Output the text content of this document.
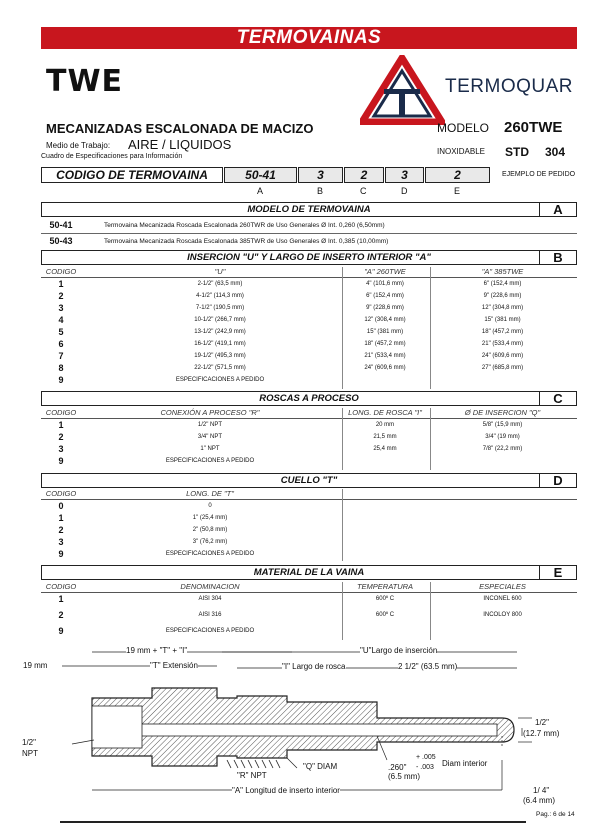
TERMOVAINAS
TWE	TERMOQUAR
MECANIZADAS ESCALONADA DE MACIZO	MODELO 260TWE
Medio de Trabajo: AIRE / LIQUIDOS	INOXIDABLE STD 304
Cuadro de Especificaciones para Información
CODIGO DE TERMOVAINA	50-41	3	2	3	2	EJEMPLO DE PEDIDO
A	B	C	D	E
MODELO DE TERMOVAINA	A
50-41	Termovaina Mecanizada Roscada Escalonada 260TWR de Uso Generales Ø Int. 0,260 (6,50mm)
50-43	Termovaina Mecanizada Roscada Escalonada 385TWR de Uso Generales Ø Int. 0,385 (10,00mm)
INSERCION "U" Y LARGO DE INSERTO INTERIOR "A"	B
CODIGO	"U"	"A" 260TWE	"A" 385TWE
1	2-1/2" (63,5 mm)	4" (101,6 mm)	6" (152,4 mm)
2	4-1/2" (114,3 mm)	6" (152,4 mm)	9" (228,6 mm)
3	7-1/2" (190,5 mm)	9" (228,6 mm)	12" (304,8 mm)
4	10-1/2" (266,7 mm)	12" (308,4 mm)	15" (381 mm)
5	13-1/2" (242,9 mm)	15" (381 mm)	18" (457,2 mm)
6	16-1/2" (419,1 mm)	18" (457,2 mm)	21" (533,4 mm)
7	19-1/2" (495,3 mm)	21" (533,4 mm)	24" (609,6 mm)
8	22-1/2" (571,5 mm)	24" (609,6 mm)	27" (685,8 mm)
9	ESPECIFICACIONES A PEDIDO
ROSCAS A PROCESO	C
CODIGO	CONEXIÓN A PROCESO "R"	LONG. DE ROSCA "I"	Ø DE INSERCION "Q"
1	1/2" NPT	20 mm	5/8" (15,9 mm)
2	3/4" NPT	21,5 mm	3/4" (19 mm)
3	1" NPT	25,4 mm	7/8" (22,2 mm)
9	ESPECIFICACIONES A PEDIDO
CUELLO "T"	D
CODIGO	LONG. DE "T"
0	0
1	1" (25,4 mm)
2	2" (50,8 mm)
3	3" (76,2 mm)
9	ESPECIFICACIONES A PEDIDO
MATERIAL DE LA VAINA	E
CODIGO	DENOMINACION	TEMPERATURA	ESPECIALES
1	AISI 304	600º C	INCONEL 600
2	AISI 316	600º C	INCOLOY 800
9	ESPECIFICACIONES A PEDIDO
19 mm + "T" + "I"	"U"Largo de inserción
19 mm	"T" Extensión	"I" Largo de rosca	2 1/2" (63.5 mm)
1/2"
(12.7 mm)
1/2"
NPT
"Q" DIAM
"R" NPT
.260"
+ .005
- .003
(6.5 mm)
Diam interior
"A" Longitud de inserto interior	1/ 4"
(6.4 mm)
Pag.: 6 de 14
